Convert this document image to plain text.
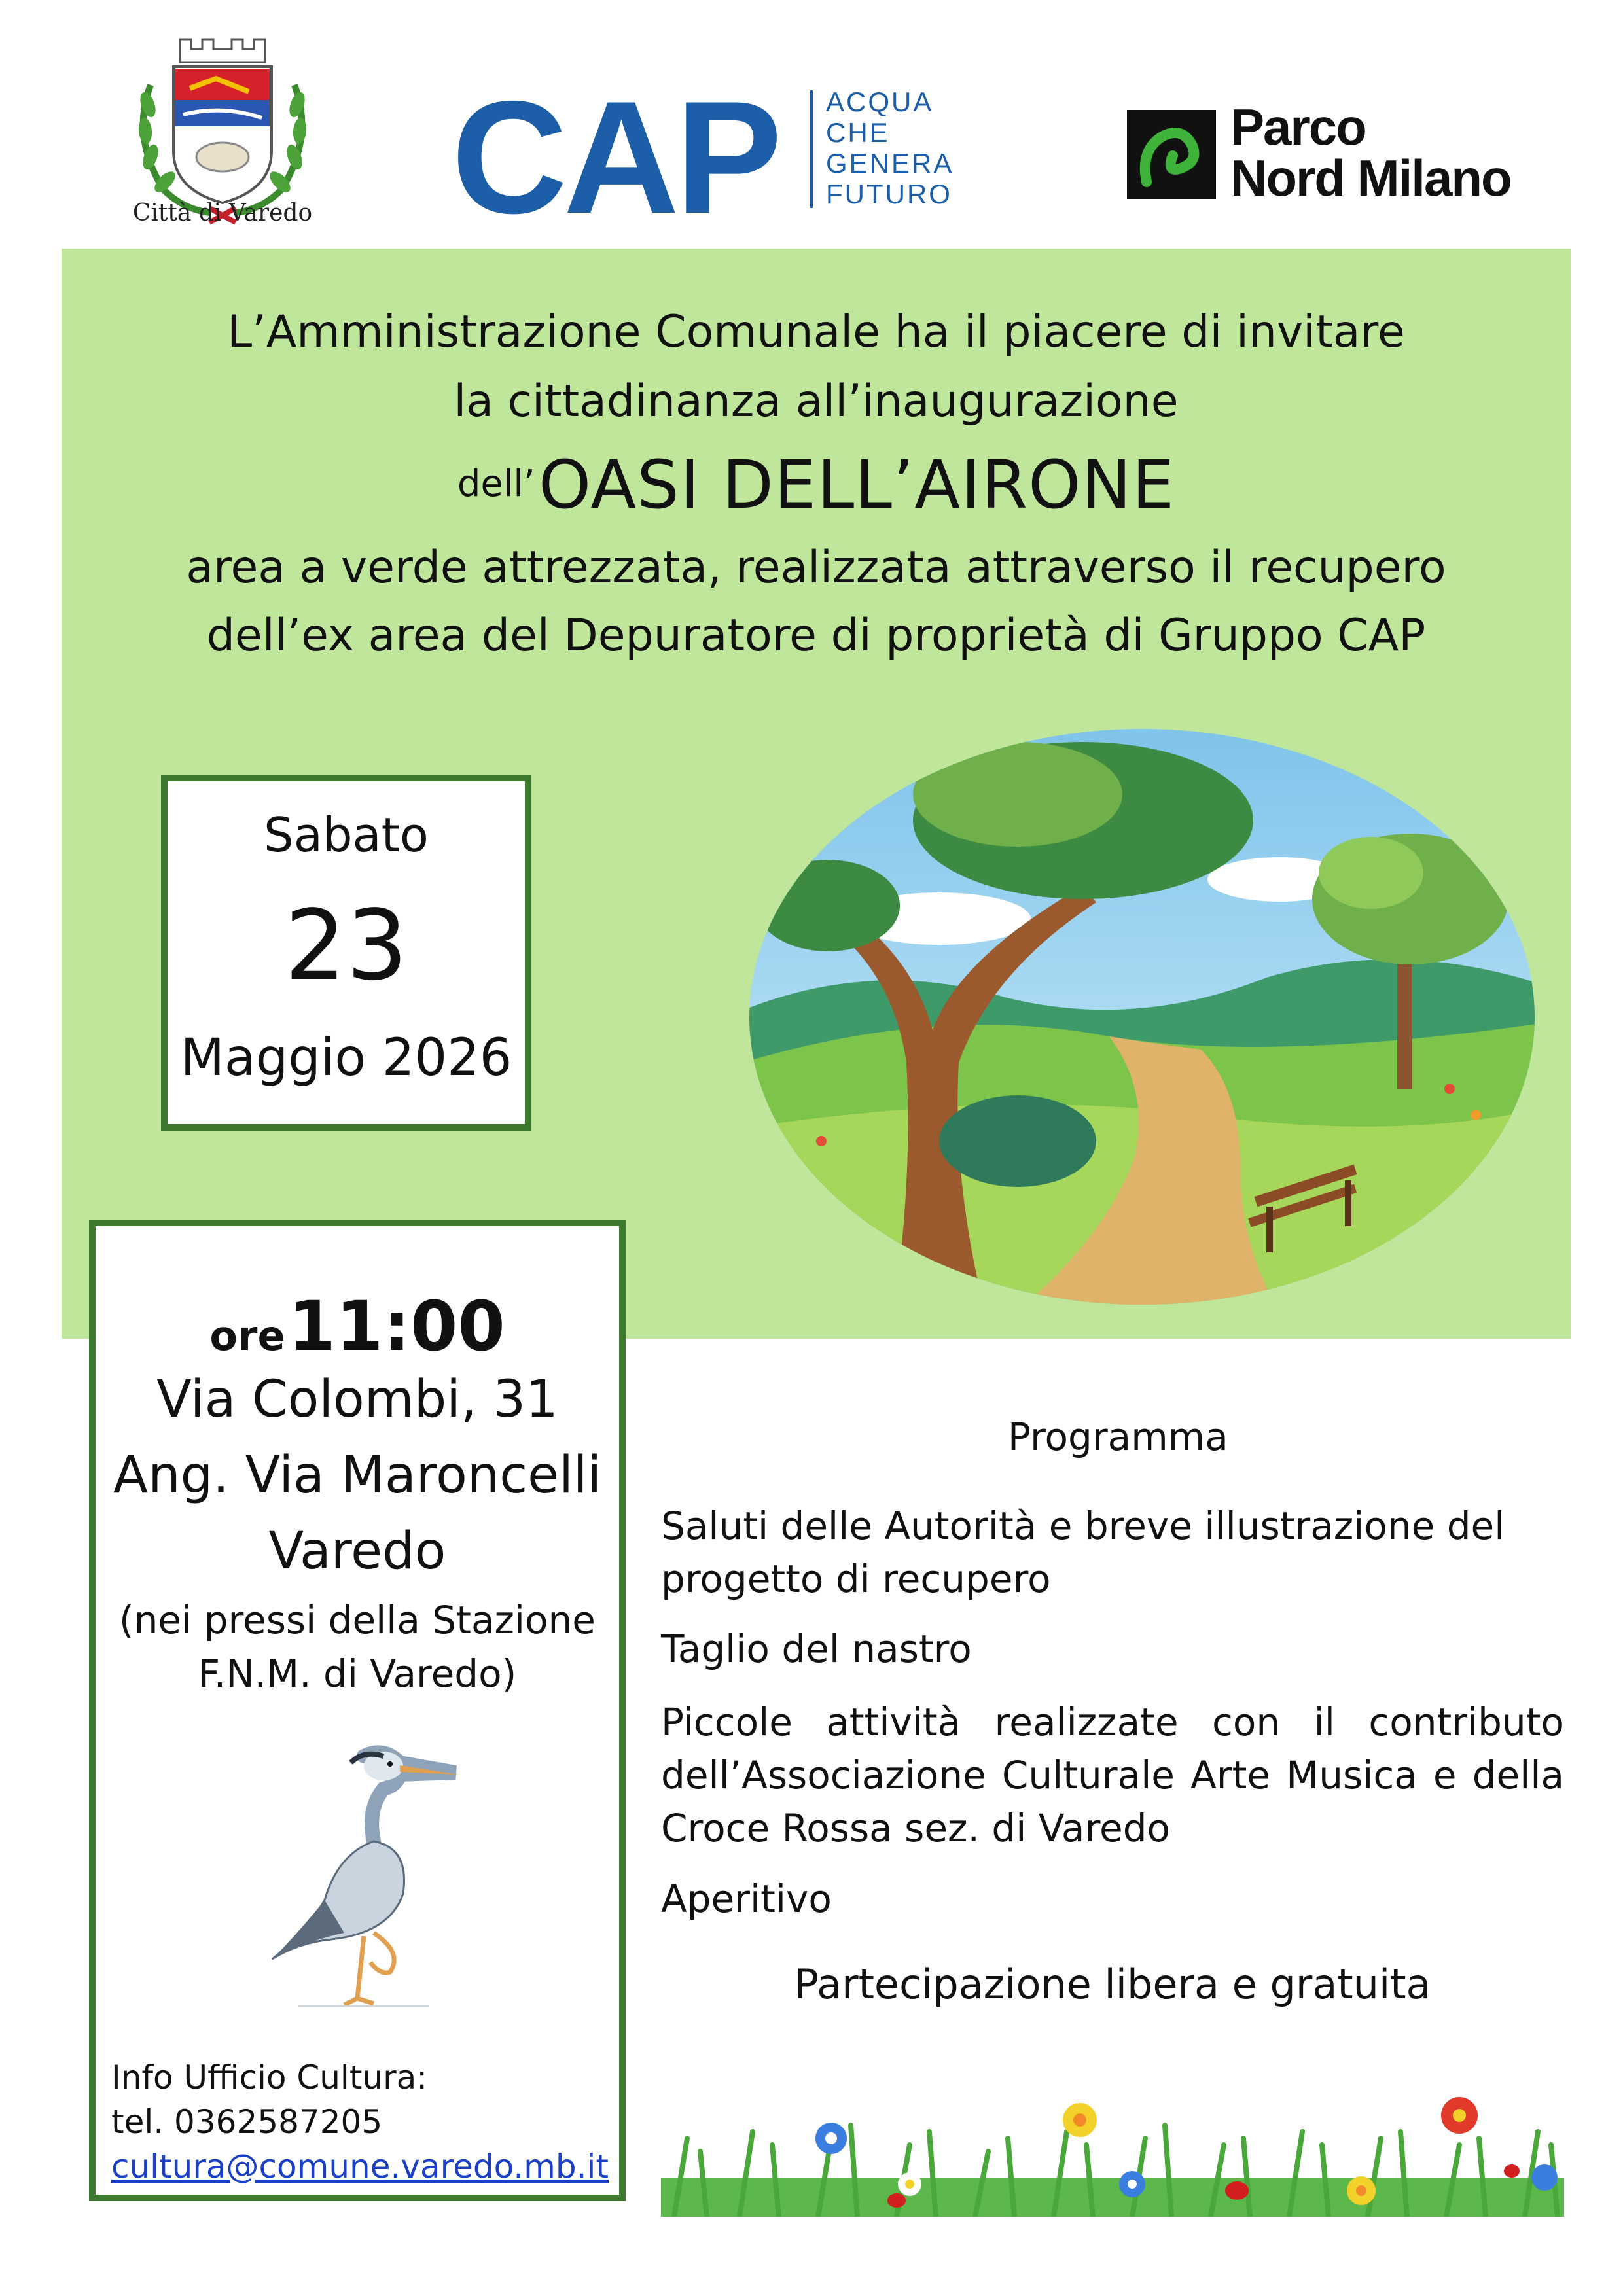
Città di Varedo CAP ACQUA
CHE
GENERA
FUTURO
Parco
Nord Milano
L’Amministrazione Comunale ha il piacere di invitare
la cittadinanza all’inaugurazione
dell’ OASI DELL’AIRONE
area a verde attrezzata, realizzata attraverso il recupero
dell’ex area del Depuratore di proprietà di Gruppo CAP
Sabato
23
Maggio 2026
ore 11:00
Via Colombi, 31
Ang. Via Maroncelli
Varedo
(nei pressi della Stazione
F.N.M. di Varedo)
Info Ufficio Cultura:
tel. 0362587205
cultura@comune.varedo.mb.it
Programma
Saluti delle Autorità e breve illustrazione del progetto di recupero
Taglio del nastro
Piccole attività realizzate con il contributo dell’Associazione Culturale Arte Musica e della Croce Rossa sez. di Varedo
Aperitivo
Partecipazione libera e gratuita
